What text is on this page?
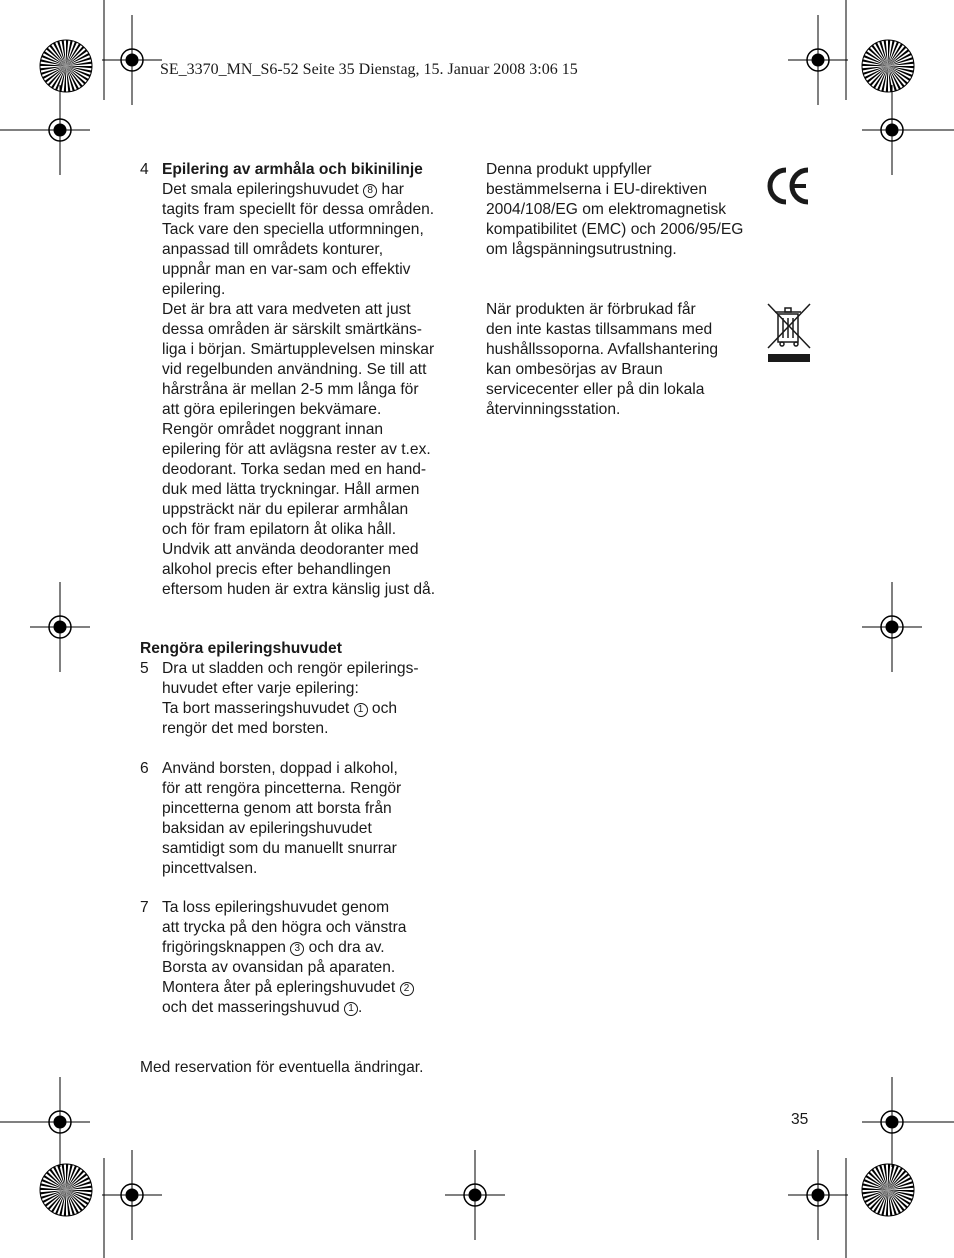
SE_3370_MN_S6-52 Seite 35 Dienstag, 15. Januar 2008 3:06 15
4 Epilering av armhåla och bikinilinje
Det smala epileringshuvudet 8 har
tagits fram speciellt för dessa områden.
Tack vare den speciella utformningen,
anpassad till områdets konturer,
uppnår man en var-sam och effektiv
epilering.
Det är bra att vara medveten att just
dessa områden är särskilt smärtkäns-
liga i början. Smärtupplevelsen minskar
vid regelbunden användning. Se till att
hårstråna är mellan 2-5 mm långa för
att göra epileringen bekvämare.
Rengör området noggrant innan
epilering för att avlägsna rester av t.ex.
deodorant. Torka sedan med en hand-
duk med lätta tryckningar. Håll armen
uppsträckt när du epilerar armhålan
och för fram epilatorn åt olika håll.
Undvik att använda deodoranter med
alkohol precis efter behandlingen
eftersom huden är extra känslig just då.
Rengöra epileringshuvudet
5 Dra ut sladden och rengör epilerings-
huvudet efter varje epilering:
Ta bort masseringshuvudet 1 och
rengör det med borsten.
6 Använd borsten, doppad i alkohol,
för att rengöra pincetterna. Rengör
pincetterna genom att borsta från
baksidan av epileringshuvudet
samtidigt som du manuellt snurrar
pincettvalsen.
7 Ta loss epileringshuvudet genom
att trycka på den högra och vänstra
frigöringsknappen 3 och dra av.
Borsta av ovansidan på aparaten.
Montera åter på epleringshuvudet 2
och det masseringshuvud 1 .
Med reservation för eventuella ändringar.
Denna produkt uppfyller
bestämmelserna i EU-direktiven
2004/108/EG om elektromagnetisk
kompatibilitet (EMC) och 2006/95/EG
om lågspänningsutrustning.
När produkten är förbrukad får
den inte kastas tillsammans med
hushållssoporna. Avfallshantering
kan ombesörjas av Braun
servicecenter eller på din lokala
återvinningsstation.
35
